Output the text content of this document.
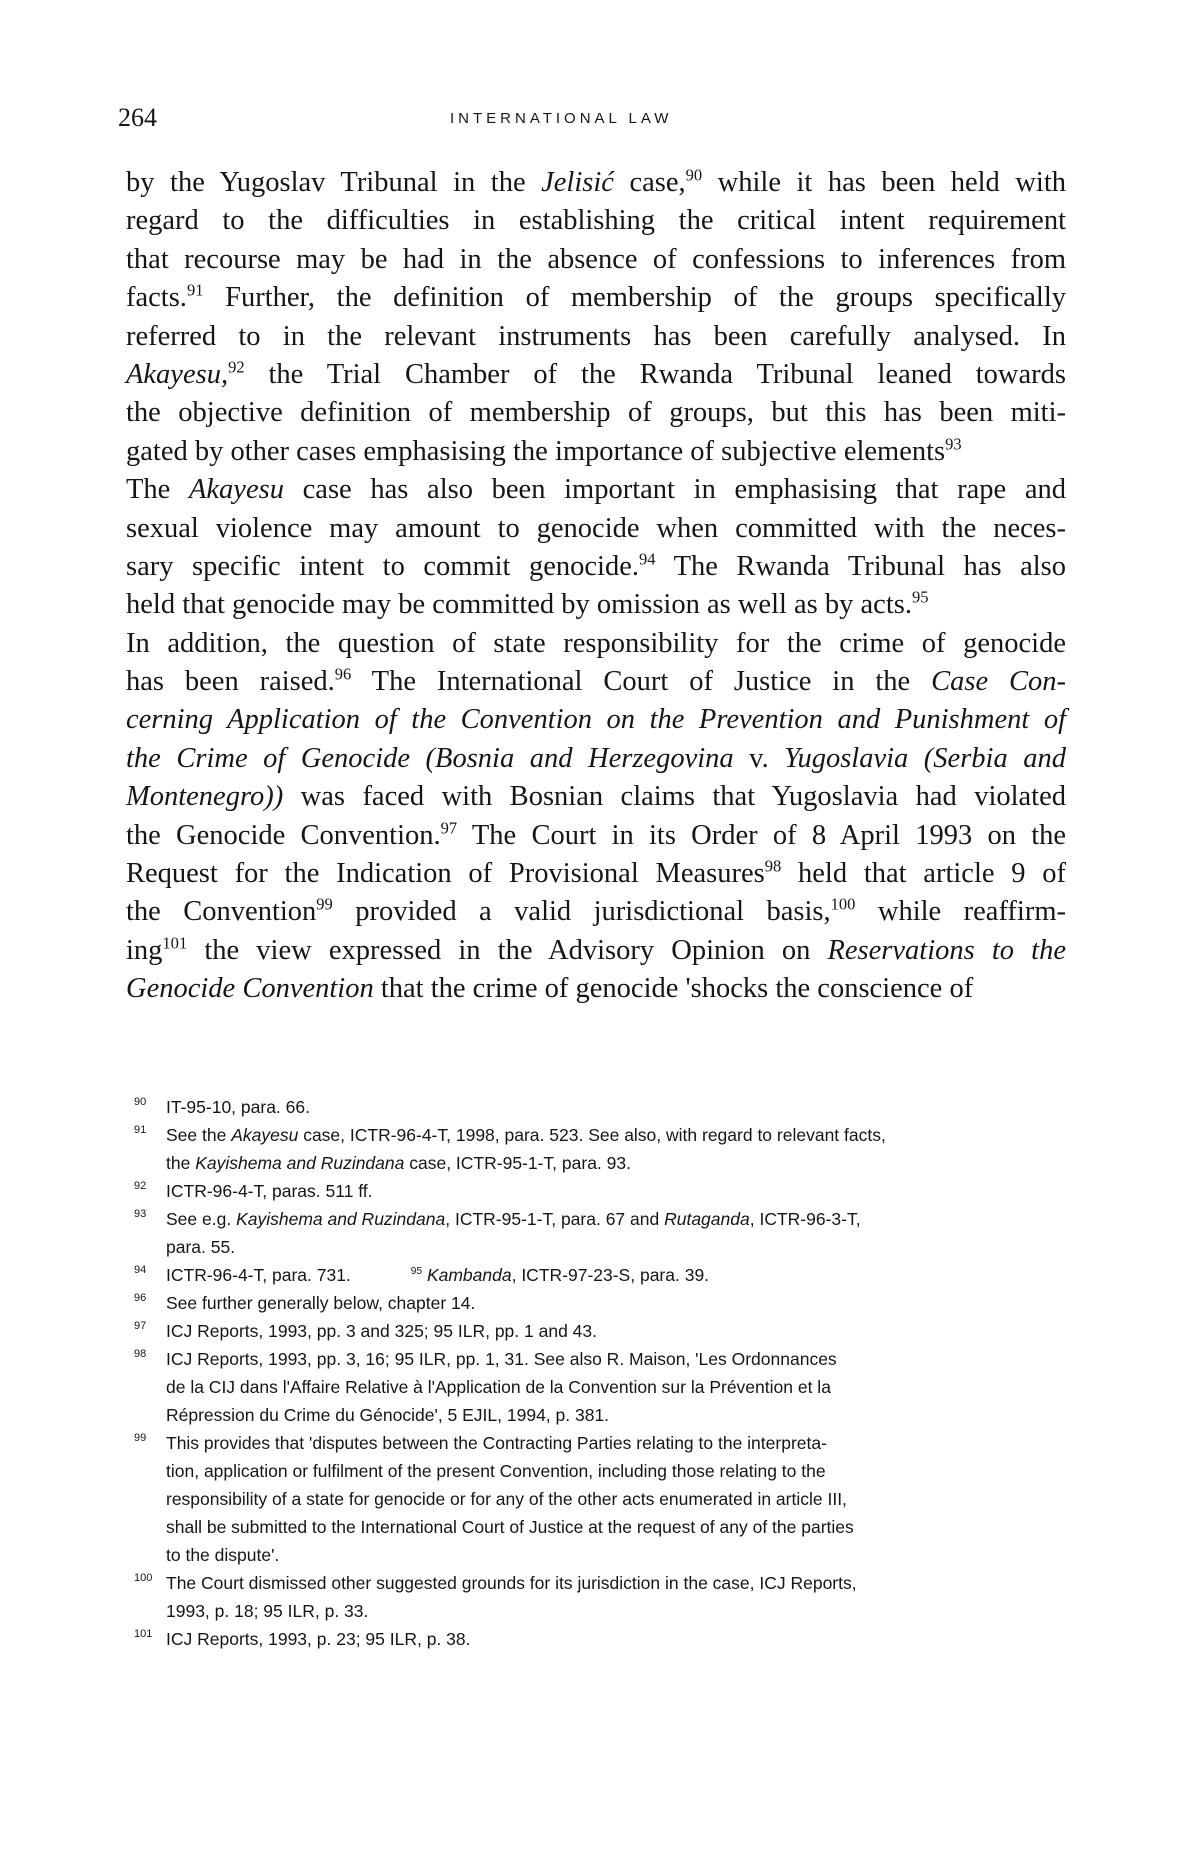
264	INTERNATIONAL LAW
by the Yugoslav Tribunal in the Jelisić case,$^{90}$ while it has been held with
regard to the difficulties in establishing the critical intent requirement
that recourse may be had in the absence of confessions to inferences from
facts.$^{91}$ Further, the definition of membership of the groups specifically
referred to in the relevant instruments has been carefully analysed. In
Akayesu,$^{92}$ the Trial Chamber of the Rwanda Tribunal leaned towards
the objective definition of membership of groups, but this has been miti-
gated by other cases emphasising the importance of subjective elements$^{93}$
The Akayesu case has also been important in emphasising that rape and
sexual violence may amount to genocide when committed with the neces-
sary specific intent to commit genocide.$^{94}$ The Rwanda Tribunal has also
held that genocide may be committed by omission as well as by acts.$^{95}$
In addition, the question of state responsibility for the crime of genocide
has been raised.$^{96}$ The International Court of Justice in the Case Con-
cerning Application of the Convention on the Prevention and Punishment of
the Crime of Genocide (Bosnia and Herzegovina v. Yugoslavia (Serbia and
Montenegro)) was faced with Bosnian claims that Yugoslavia had violated
the Genocide Convention.$^{97}$ The Court in its Order of 8 April 1993 on the
Request for the Indication of Provisional Measures$^{98}$ held that article 9 of
the Convention$^{99}$ provided a valid jurisdictional basis,$^{100}$ while reaffirm-
ing$^{101}$ the view expressed in the Advisory Opinion on Reservations to the
Genocide Convention that the crime of genocide 'shocks the conscience of
90 IT-95-10, para. 66.
91 See the Akayesu case, ICTR-96-4-T, 1998, para. 523. See also, with regard to relevant facts,
the Kayishema and Ruzindana case, ICTR-95-1-T, para. 93.
92 ICTR-96-4-T, paras. 511 ff.
93 See e.g. Kayishema and Ruzindana, ICTR-95-1-T, para. 67 and Rutaganda, ICTR-96-3-T,
para. 55.
94 ICTR-96-4-T, para. 731.	$^{95}$ Kambanda, ICTR-97-23-S, para. 39.
96 See further generally below, chapter 14.
97 ICJ Reports, 1993, pp. 3 and 325; 95 ILR, pp. 1 and 43.
98 ICJ Reports, 1993, pp. 3, 16; 95 ILR, pp. 1, 31. See also R. Maison, 'Les Ordonnances
de la CIJ dans l'Affaire Relative à l'Application de la Convention sur la Prévention et la
Répression du Crime du Génocide', 5 EJIL, 1994, p. 381.
99 This provides that 'disputes between the Contracting Parties relating to the interpreta-
tion, application or fulfilment of the present Convention, including those relating to the
responsibility of a state for genocide or for any of the other acts enumerated in article III,
shall be submitted to the International Court of Justice at the request of any of the parties
to the dispute'.
100 The Court dismissed other suggested grounds for its jurisdiction in the case, ICJ Reports,
1993, p. 18; 95 ILR, p. 33.
101 ICJ Reports, 1993, p. 23; 95 ILR, p. 38.
